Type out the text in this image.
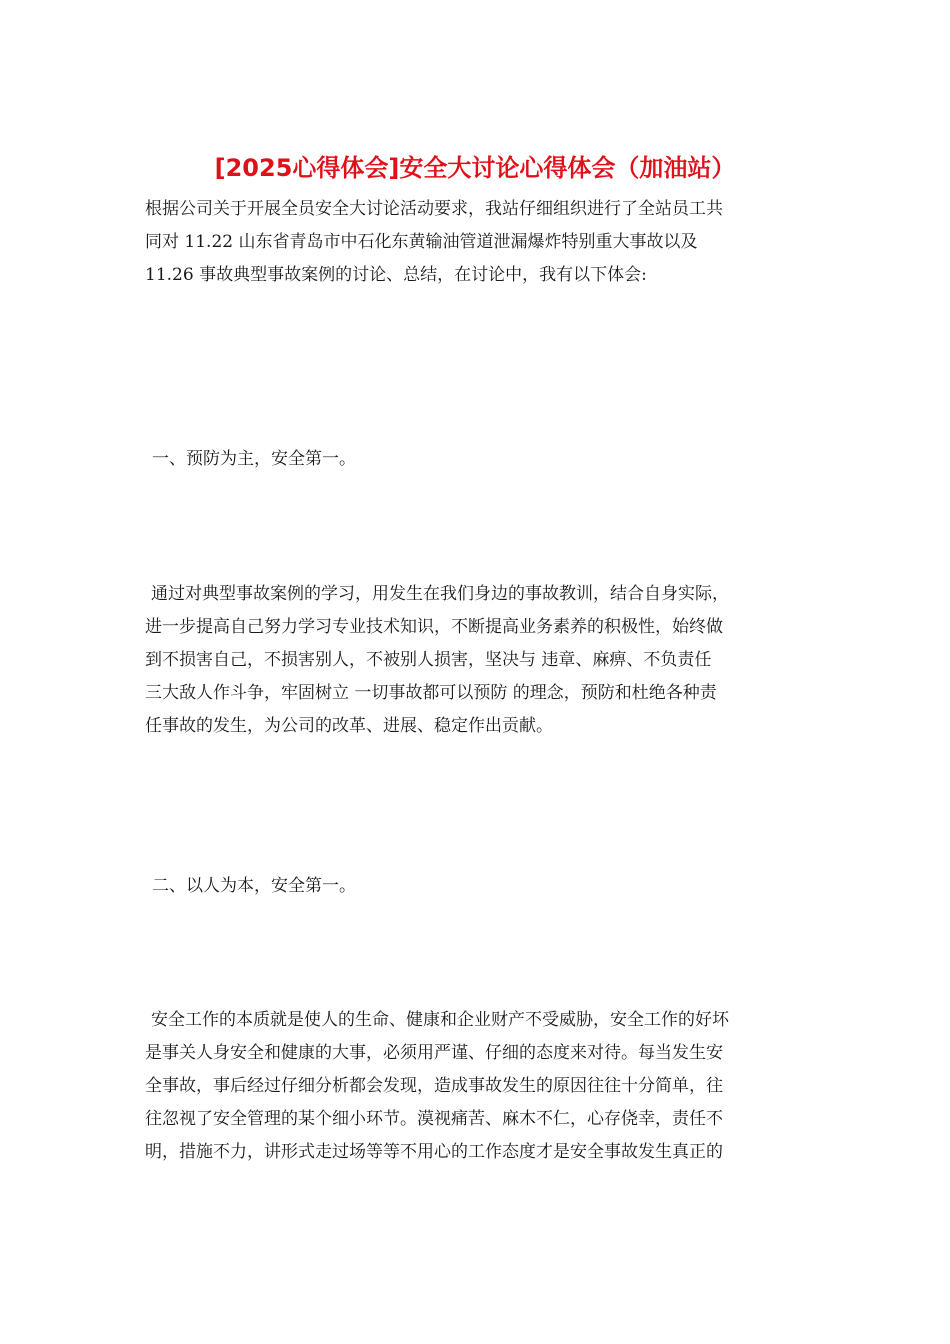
[2025心得体会]安全大讨论心得体会（加油站）
根据公司关于开展全员安全大讨论活动要求，我站仔细组织进行了全站员工共
同对 11.22 山东省青岛市中石化东黄输油管道泄漏爆炸特别重大事故以及
11.26 事故典型事故案例的讨论、总结，在讨论中，我有以下体会:
一、预防为主，安全第一。
通过对典型事故案例的学习，用发生在我们身边的事故教训，结合自身实际，
进一步提高自己努力学习专业技术知识，不断提高业务素养的积极性，始终做
到不损害自己，不损害别人，不被别人损害，坚决与 违章、麻痹、不负责任
三大敌人作斗争，牢固树立 一切事故都可以预防 的理念，预防和杜绝各种责
任事故的发生，为公司的改革、进展、稳定作出贡献。
二、以人为本，安全第一。
安全工作的本质就是使人的生命、健康和企业财产不受威胁，安全工作的好坏
是事关人身安全和健康的大事，必须用严谨、仔细的态度来对待。每当发生安
全事故，事后经过仔细分析都会发现，造成事故发生的原因往往十分简单，往
往忽视了安全管理的某个细小环节。漠视痛苦、麻木不仁，心存侥幸，责任不
明，措施不力，讲形式走过场等等不用心的工作态度才是安全事故发生真正的
